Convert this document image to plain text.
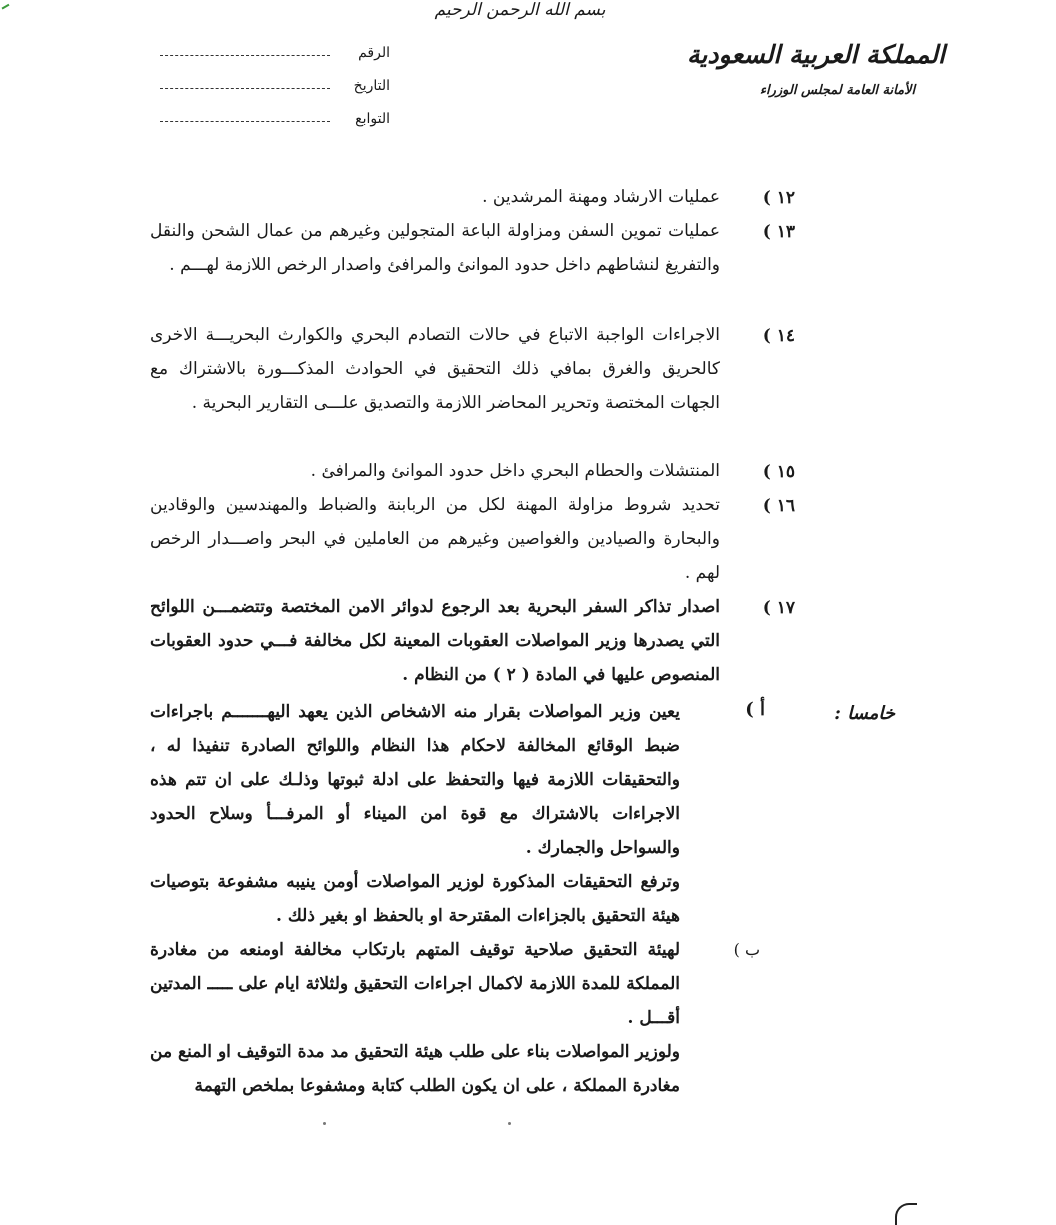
بسم الله الرحمن الرحيم
المملكة العربية السعودية
الأمانة العامة لمجلس الوزراء
الرقم
التاريخ
التوابع
١٢ )
عمليات الارشاد ومهنة المرشدين .
١٣ )
عمليات تموين السفن ومزاولة الباعة المتجولين وغيرهم من عمال الشحن والنقل والتفريغ لنشاطهم داخل حدود الموانئ والمرافئ واصدار الرخص اللازمة لهـــم .
١٤ )
الاجراءات الواجبة الاتباع في حالات التصادم البحري والكوارث البحريـــة الاخرى كالحريق والغرق بمافي ذلك التحقيق في الحوادث المذكـــورة بالاشتراك مع الجهات المختصة وتحرير المحاضر اللازمة والتصديق علـــى التقارير البحرية .
١٥ )
المنتشلات والحطام البحري داخل حدود الموانئ والمرافئ .
١٦ )
تحديد شروط مزاولة المهنة لكل من الربابنة والضباط والمهندسين والوقادين والبحارة والصيادين والغواصين وغيرهم من العاملين في البحر واصـــدار الرخص لهم .
١٧ )
اصدار تذاكر السفر البحرية بعد الرجوع لدوائر الامن المختصة وتتضمـــن اللوائح التي يصدرها وزير المواصلات العقوبات المعينة لكل مخالفة فـــي حدود العقوبات المنصوص عليها في المادة ( ٢ ) من النظام .
خامسا :
أ )
يعين وزير المواصلات بقرار منه الاشخاص الذين يعهد اليهـــــــم باجراءات ضبط الوقائع المخالفة لاحكام هذا النظام واللوائح الصادرة تنفيذا له ، والتحقيقات اللازمة فيها والتحفظ على ادلة ثبوتها وذلـك على ان تتم هذه الاجراءات بالاشتراك مع قوة امن الميناء أو المرفـــأ وسلاح الحدود والسواحل والجمارك .
وترفع التحقيقات المذكورة لوزير المواصلات أومن ينيبه مشفوعة بتوصيات هيئة التحقيق بالجزاءات المقترحة او بالحفظ او بغير ذلك .
ب )
لهيئة التحقيق صلاحية توقيف المتهم بارتكاب مخالفة اومنعه من مغادرة المملكة للمدة اللازمة لاكمال اجراءات التحقيق ولثلاثة ايام على ـــــ المدتين أقـــل .
ولوزير المواصلات بناء على طلب هيئة التحقيق مد مدة التوقيف او المنع من مغادرة المملكة ، على ان يكون الطلب كتابة ومشفوعا بملخص التهمة
